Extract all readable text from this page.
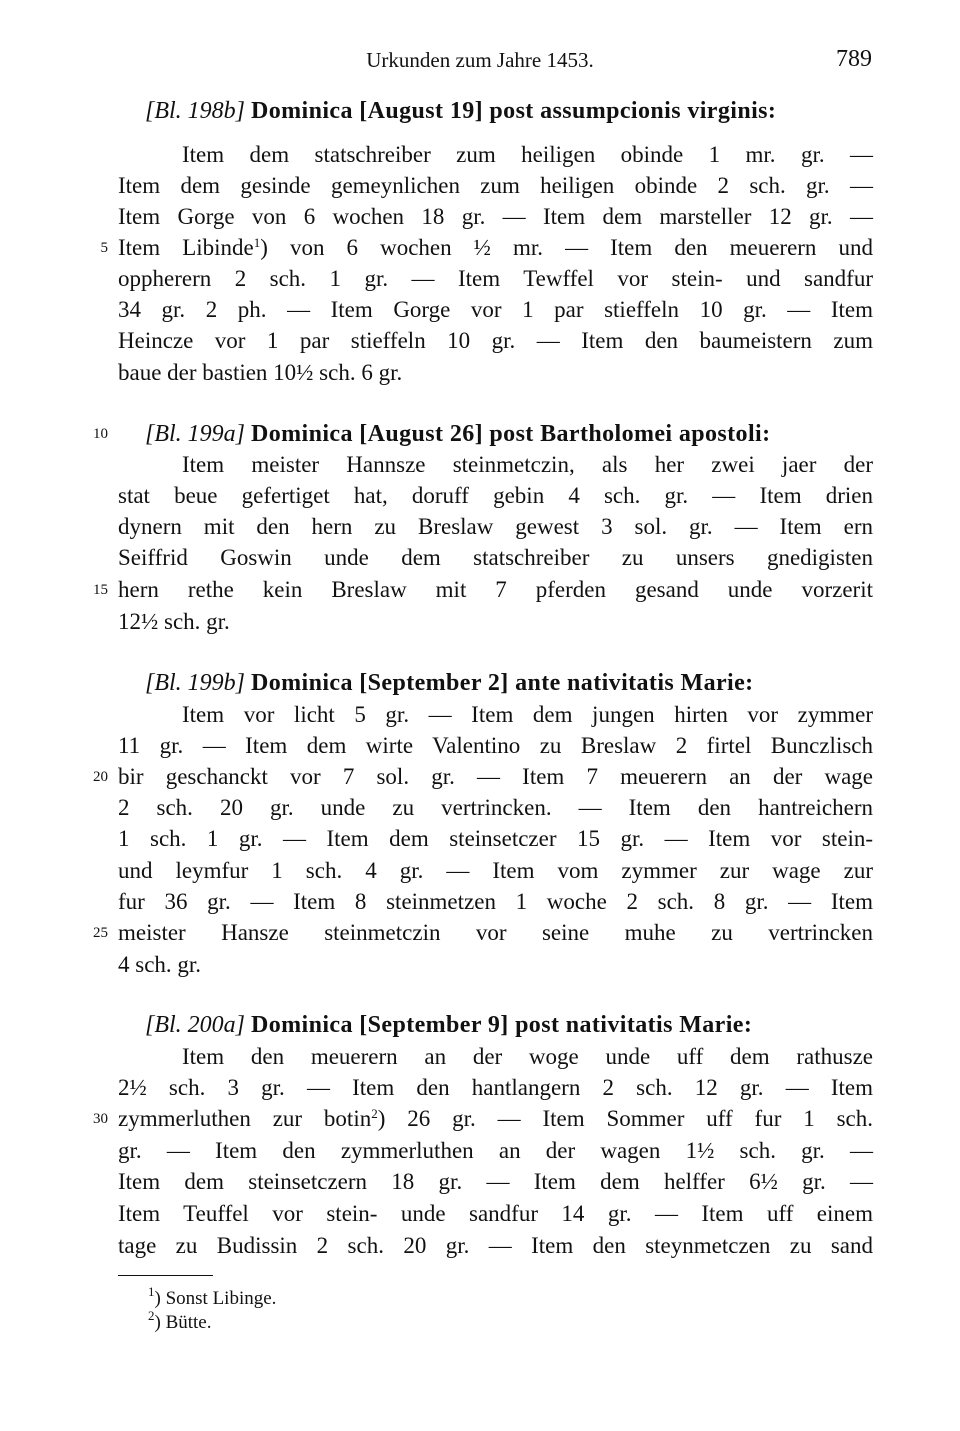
Urkunden zum Jahre 1453.	789
[Bl. 198b] Dominica [August 19] post assumpcionis virginis:
Item dem statschreiber zum heiligen obinde 1 mr. gr. —
Item dem gesinde gemeynlichen zum heiligen obinde 2 sch. gr. —
Item Gorge von 6 wochen 18 gr. — Item dem marsteller 12 gr. —
5 Item Libinde$^1$) von 6 wochen ½ mr. — Item den meuerern und
oppherern 2 sch. 1 gr. — Item Tewffel vor stein- und sandfur
34 gr. 2 ph. — Item Gorge vor 1 par stieffeln 10 gr. — Item
Heincze vor 1 par stieffeln 10 gr. — Item den baumeistern zum
baue der bastien 10½ sch. 6 gr.
10 [Bl. 199a] Dominica [August 26] post Bartholomei apostoli:
Item meister Hannsze steinmetczin, als her zwei jaer der
stat beue gefertiget hat, doruff gebin 4 sch. gr. — Item drien
dynern mit den hern zu Breslaw gewest 3 sol. gr. — Item ern
Seiffrid Goswin unde dem statschreiber zu unsers gnedigisten
15 hern rethe kein Breslaw mit 7 pferden gesand unde vorzerit
12½ sch. gr.
[Bl. 199b] Dominica [September 2] ante nativitatis Marie:
Item vor licht 5 gr. — Item dem jungen hirten vor zymmer
11 gr. — Item dem wirte Valentino zu Breslaw 2 firtel Bunczlisch
20 bir geschanckt vor 7 sol. gr. — Item 7 meuerern an der wage
2 sch. 20 gr. unde zu vertrincken. — Item den hantreichern
1 sch. 1 gr. — Item dem steinsetczer 15 gr. — Item vor stein-
und leymfur 1 sch. 4 gr. — Item vom zymmer zur wage zur
fur 36 gr. — Item 8 steinmetzen 1 woche 2 sch. 8 gr. — Item
25 meister Hansze steinmetczin vor seine muhe zu vertrincken
4 sch. gr.
[Bl. 200a] Dominica [September 9] post nativitatis Marie:
Item den meuerern an der woge unde uff dem rathusze
2½ sch. 3 gr. — Item den hantlangern 2 sch. 12 gr. — Item
30 zymmerluthen zur botin$^2$) 26 gr. — Item Sommer uff fur 1 sch.
gr. — Item den zymmerluthen an der wagen 1½ sch. gr. —
Item dem steinsetczern 18 gr. — Item dem helffer 6½ gr. —
Item Teuffel vor stein- unde sandfur 14 gr. — Item uff einem
tage zu Budissin 2 sch. 20 gr. — Item den steynmetczen zu sand
$^1$) Sonst Libinge.
$^2$) Bütte.
